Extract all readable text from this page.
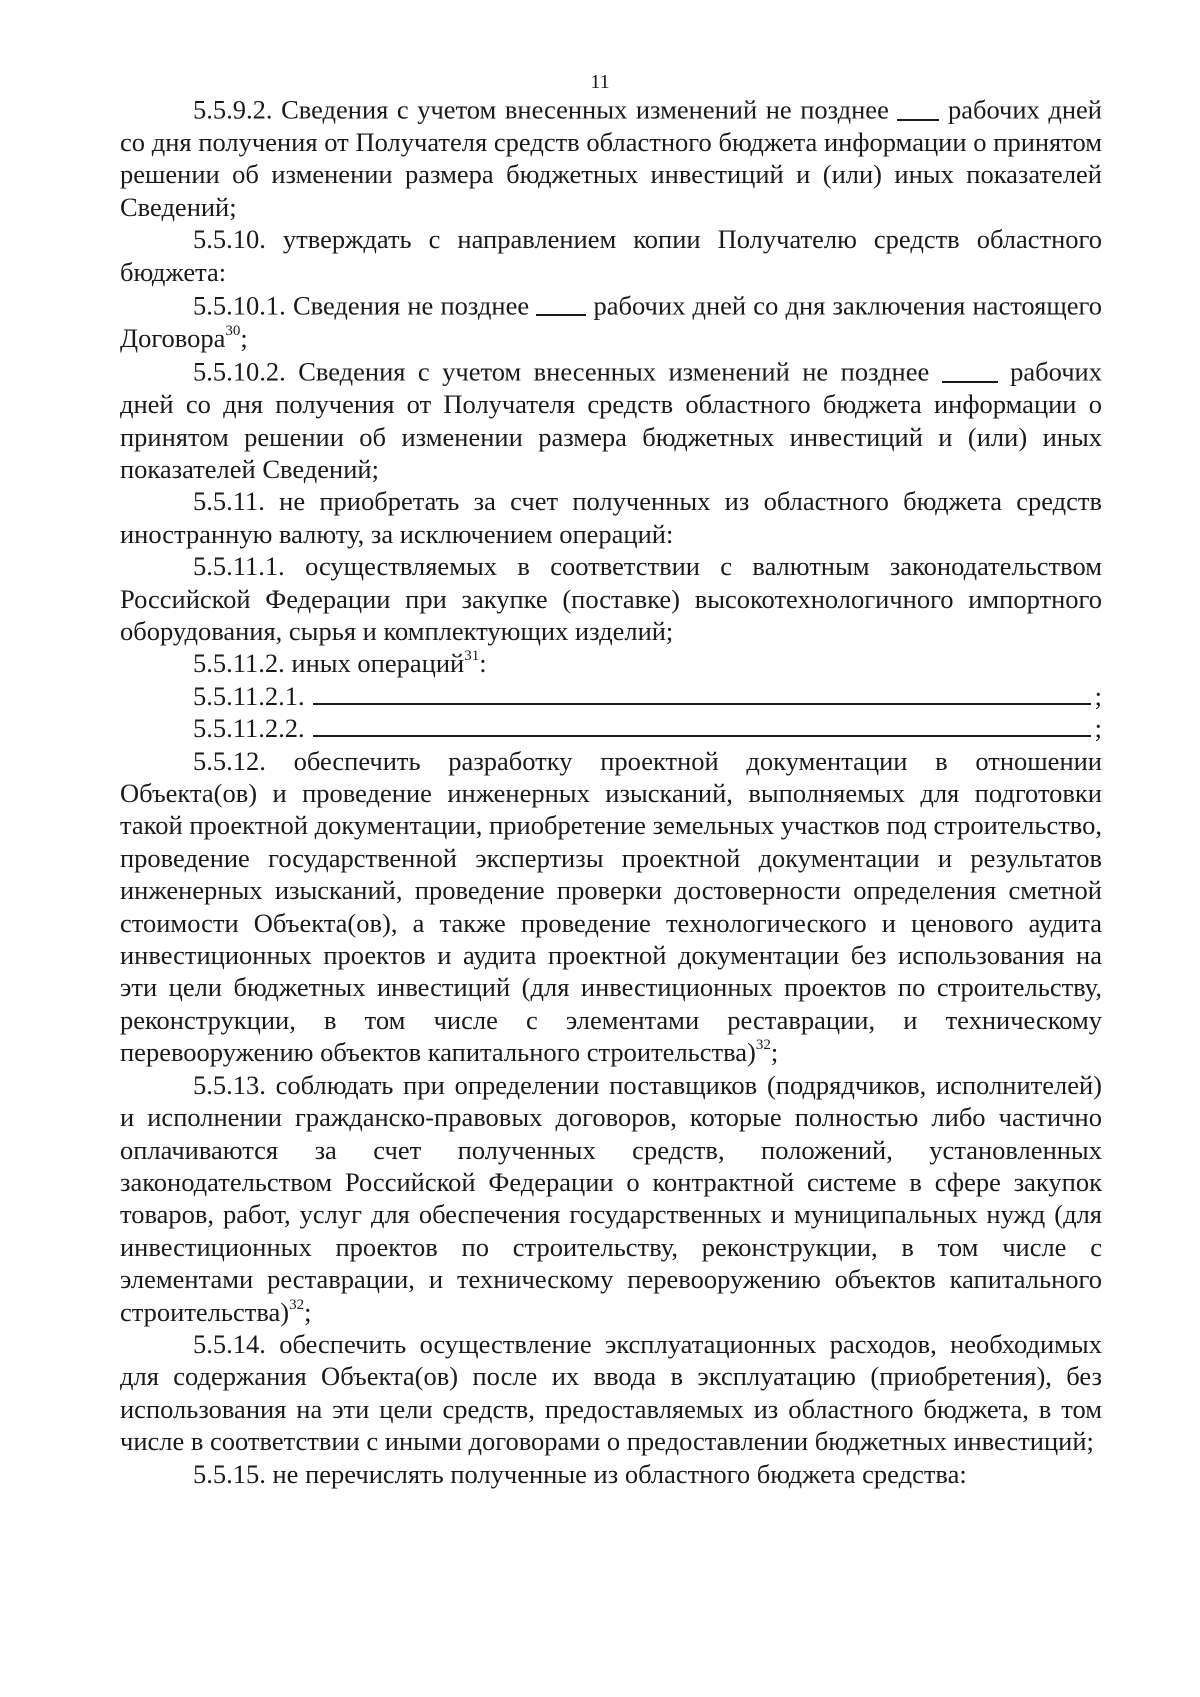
11

5.5.9.2. Сведения с учетом внесенных изменений не позднее  рабочих дней со дня получения от Получателя средств областного бюджета информации о принятом решении об изменении размера бюджетных инвестиций и (или) иных показателей Сведений;

5.5.10. утверждать с направлением копии Получателю средств областного бюджета:

5.5.10.1. Сведения не позднее  рабочих дней со дня заключения настоящего Договора$^{30}$;

5.5.10.2. Сведения с учетом внесенных изменений не позднее  рабочих дней со дня получения от Получателя средств областного бюджета информации о принятом решении об изменении размера бюджетных инвестиций и (или) иных показателей Сведений;

5.5.11. не приобретать за счет полученных из областного бюджета средств иностранную валюту, за исключением операций:

5.5.11.1. осуществляемых в соответствии с валютным законодательством Российской Федерации при закупке (поставке) высокотехнологичного импортного оборудования, сырья и комплектующих изделий;

5.5.11.2. иных операций$^{31}$:

5.5.11.2.1.	;
5.5.11.2.2.	;

5.5.12. обеспечить разработку проектной документации в отношении Объекта(ов) и проведение инженерных изысканий, выполняемых для подготовки такой проектной документации, приобретение земельных участков под строительство, проведение государственной экспертизы проектной документации и результатов инженерных изысканий, проведение проверки достоверности определения сметной стоимости Объекта(ов), а также проведение технологического и ценового аудита инвестиционных проектов и аудита проектной документации без использования на эти цели бюджетных инвестиций (для инвестиционных проектов по строительству, реконструкции, в том числе с элементами реставрации, и техническому перевооружению объектов капитального строительства)$^{32}$;

5.5.13. соблюдать при определении поставщиков (подрядчиков, исполнителей) и исполнении гражданско-правовых договоров, которые полностью либо частично оплачиваются за счет полученных средств, положений, установленных законодательством Российской Федерации о контрактной системе в сфере закупок товаров, работ, услуг для обеспечения государственных и муниципальных нужд (для инвестиционных проектов по строительству, реконструкции, в том числе с элементами реставрации, и техническому перевооружению объектов капитального строительства)$^{32}$;

5.5.14. обеспечить осуществление эксплуатационных расходов, необходимых для содержания Объекта(ов) после их ввода в эксплуатацию (приобретения), без использования на эти цели средств, предоставляемых из областного бюджета, в том числе в соответствии с иными договорами о предоставлении бюджетных инвестиций;

5.5.15. не перечислять полученные из областного бюджета средства:
